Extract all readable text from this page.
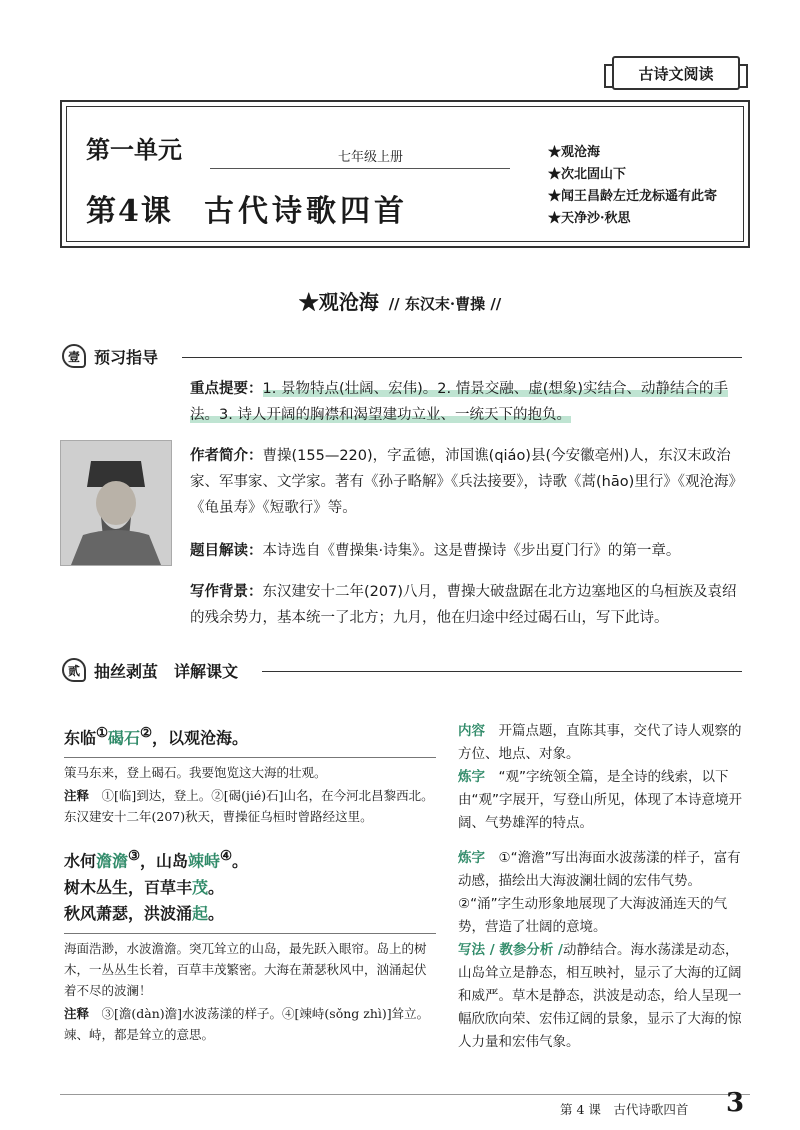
古诗文阅读
第一单元	七年级上册
第4课 古代诗歌四首
★观沧海
★次北固山下
★闻王昌龄左迁龙标遥有此寄
★天净沙·秋思
★观沧海 // 东汉末·曹操 //
壹 预习指导
重点提要：1. 景物特点(壮阔、宏伟)。2. 情景交融、虚(想象)实结合、动静结合的手法。3. 诗人开阔的胸襟和渴望建功立业、一统天下的抱负。
作者简介：曹操(155—220)，字孟德，沛国谯(qiáo)县(今安徽亳州)人，东汉末政治家、军事家、文学家。著有《孙子略解》《兵法接要》，诗歌《蒿(hāo)里行》《观沧海》《龟虽寿》《短歌行》等。
题目解读：本诗选自《曹操集·诗集》。这是曹操诗《步出夏门行》的第一章。
写作背景：东汉建安十二年(207)八月，曹操大破盘踞在北方边塞地区的乌桓族及袁绍的残余势力，基本统一了北方；九月，他在归途中经过碣石山，写下此诗。
贰 抽丝剥茧　详解课文
东临①碣石②，以观沧海。
策马东来，登上碣石。我要饱览这大海的壮观。
注释　 ①[临]到达，登上。②[碣(jié)石]山名，在今河北昌黎西北。东汉建安十二年(207)秋天，曹操征乌桓时曾路经这里。
水何澹澹③，山岛竦峙④。
树木丛生，百草丰茂。
秋风萧瑟，洪波涌起。
海面浩渺，水波澹澹。突兀耸立的山岛，最先跃入眼帘。岛上的树木，一丛丛生长着，百草丰茂繁密。大海在萧瑟秋风中，汹涌起伏着不尽的波澜！
注释　 ③[澹(dàn)澹]水波荡漾的样子。④[竦峙(sǒng zhì)]耸立。竦、峙，都是耸立的意思。
内容　 开篇点题，直陈其事，交代了诗人观察的方位、地点、对象。
炼字　 “观”字统领全篇，是全诗的线索，以下由“观”字展开，写登山所见，体现了本诗意境开阔、气势雄浑的特点。
炼字　 ①“澹澹”写出海面水波荡漾的样子，富有动感，描绘出大海波澜壮阔的宏伟气势。
②“涌”字生动形象地展现了大海波涌连天的气势，营造了壮阔的意境。
写法 / 教参分析 /动静结合。海水荡漾是动态，山岛耸立是静态，相互映衬，显示了大海的辽阔和威严。草木是静态，洪波是动态，给人呈现一幅欣欣向荣、宏伟辽阔的景象，显示了大海的惊人力量和宏伟气象。
第 4 课　古代诗歌四首 3
